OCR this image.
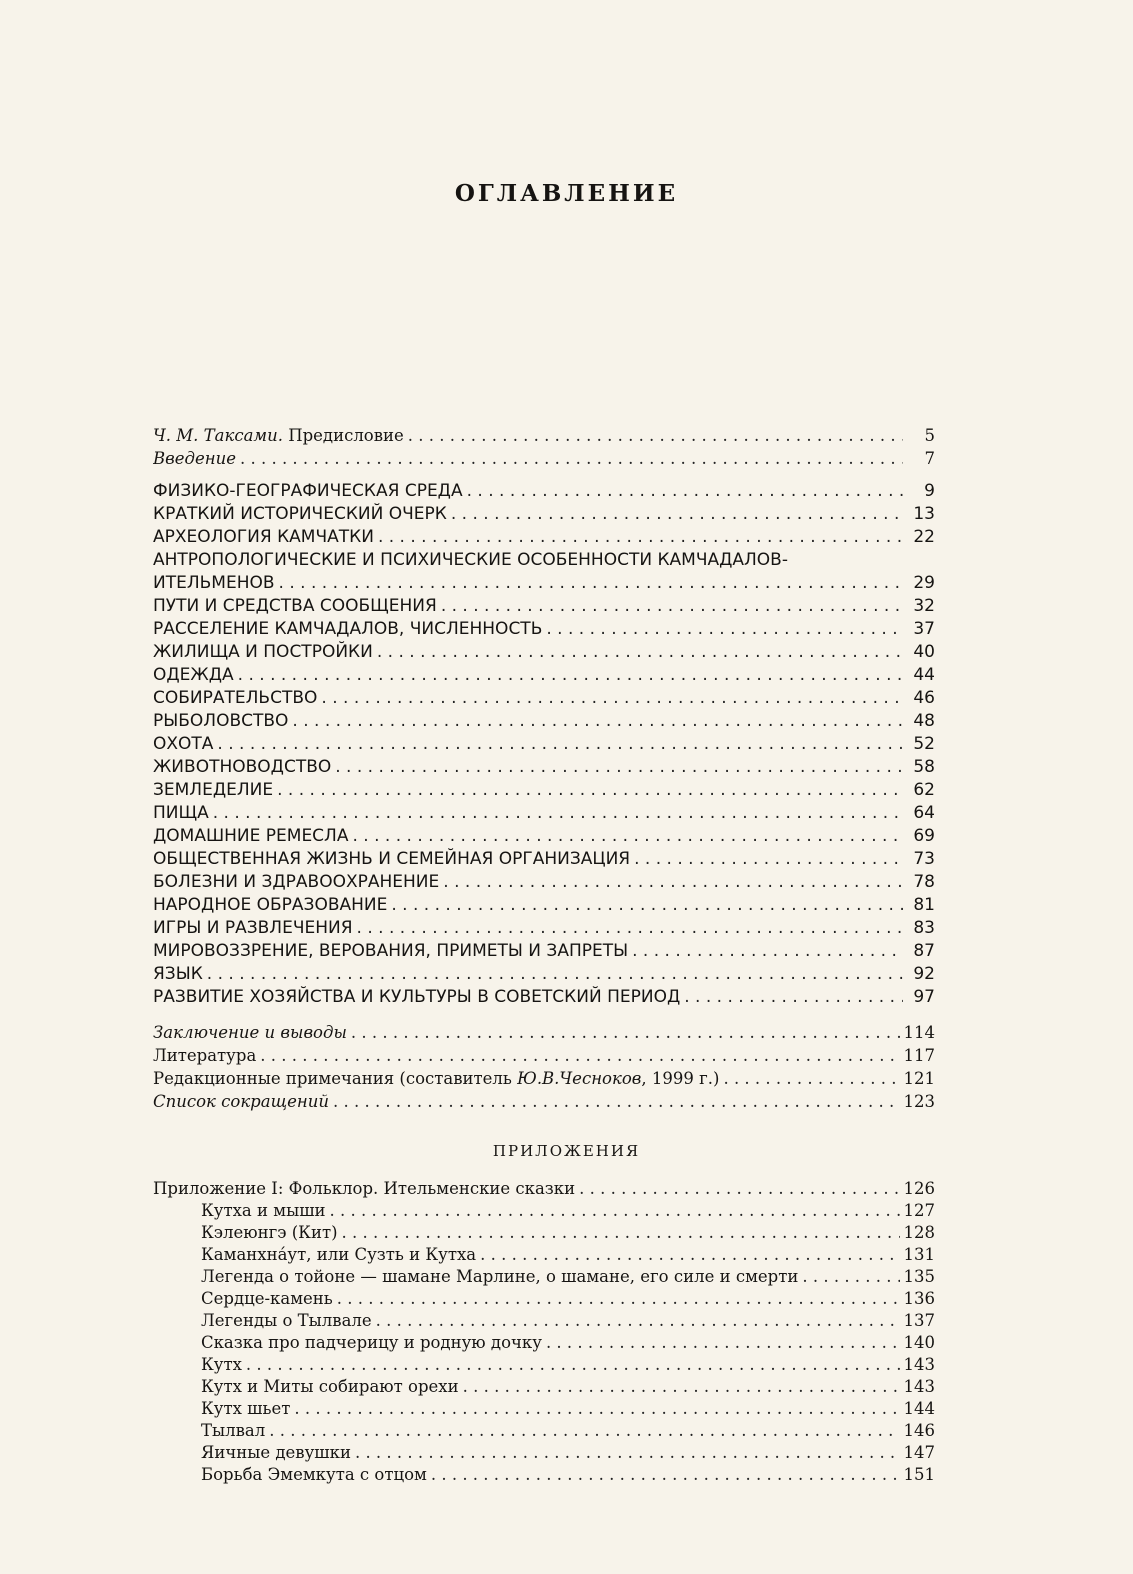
ОГЛАВЛЕНИЕ
Ч. М. Таксами. Предисловие . . .	5
Введение . . .	7
ФИЗИКО-ГЕОГРАФИЧЕСКАЯ СРЕДА . . .	9
КРАТКИЙ ИСТОРИЧЕСКИЙ ОЧЕРК . . .	13
АРХЕОЛОГИЯ КАМЧАТКИ . . .	22
АНТРОПОЛОГИЧЕСКИЕ И ПСИХИЧЕСКИЕ ОСОБЕННОСТИ КАМЧАДАЛОВ-
ИТЕЛЬМЕНОВ . . .	29
ПУТИ И СРЕДСТВА СООБЩЕНИЯ . . .	32
РАССЕЛЕНИЕ КАМЧАДАЛОВ, ЧИСЛЕННОСТЬ . . .	37
ЖИЛИЩА И ПОСТРОЙКИ . . .	40
ОДЕЖДА . . .	44
СОБИРАТЕЛЬСТВО . . .	46
РЫБОЛОВСТВО . . .	48
ОХОТА . . .	52
ЖИВОТНОВОДСТВО . . .	58
ЗЕМЛЕДЕЛИЕ . . .	62
ПИЩА . . .	64
ДОМАШНИЕ РЕМЕСЛА . . .	69
ОБЩЕСТВЕННАЯ ЖИЗНЬ И СЕМЕЙНАЯ ОРГАНИЗАЦИЯ . . .	73
БОЛЕЗНИ И ЗДРАВООХРАНЕНИЕ . . .	78
НАРОДНОЕ ОБРАЗОВАНИЕ . . .	81
ИГРЫ И РАЗВЛЕЧЕНИЯ . . .	83
МИРОВОЗЗРЕНИЕ, ВЕРОВАНИЯ, ПРИМЕТЫ И ЗАПРЕТЫ . . .	87
ЯЗЫК . . .	92
РАЗВИТИЕ ХОЗЯЙСТВА И КУЛЬТУРЫ В СОВЕТСКИЙ ПЕРИОД . . .	97
Заключение и выводы . . .	114
Литература . . .	117
Редакционные примечания (составитель Ю.В.Чесноков, 1999 г.) . . .	121
Список сокращений . . .	123
ПРИЛОЖЕНИЯ
Приложение I: Фольклор. Ительменские сказки . . .	126
Кутха и мыши . . .	127
Кэлеюнгэ (Кит) . . .	128
Каманхна́ут, или Сузть и Кутха . . .	131
Легенда о тойоне — шамане Марлине, о шамане, его силе и смерти . . .	135
Сердце-камень . . .	136
Легенды о Тылвале . . .	137
Сказка про падчерицу и родную дочку . . .	140
Кутх . . .	143
Кутх и Миты собирают орехи . . .	143
Кутх шьет . . .	144
Тылвал . . .	146
Яичные девушки . . .	147
Борьба Эмемкута с отцом . . .	151
